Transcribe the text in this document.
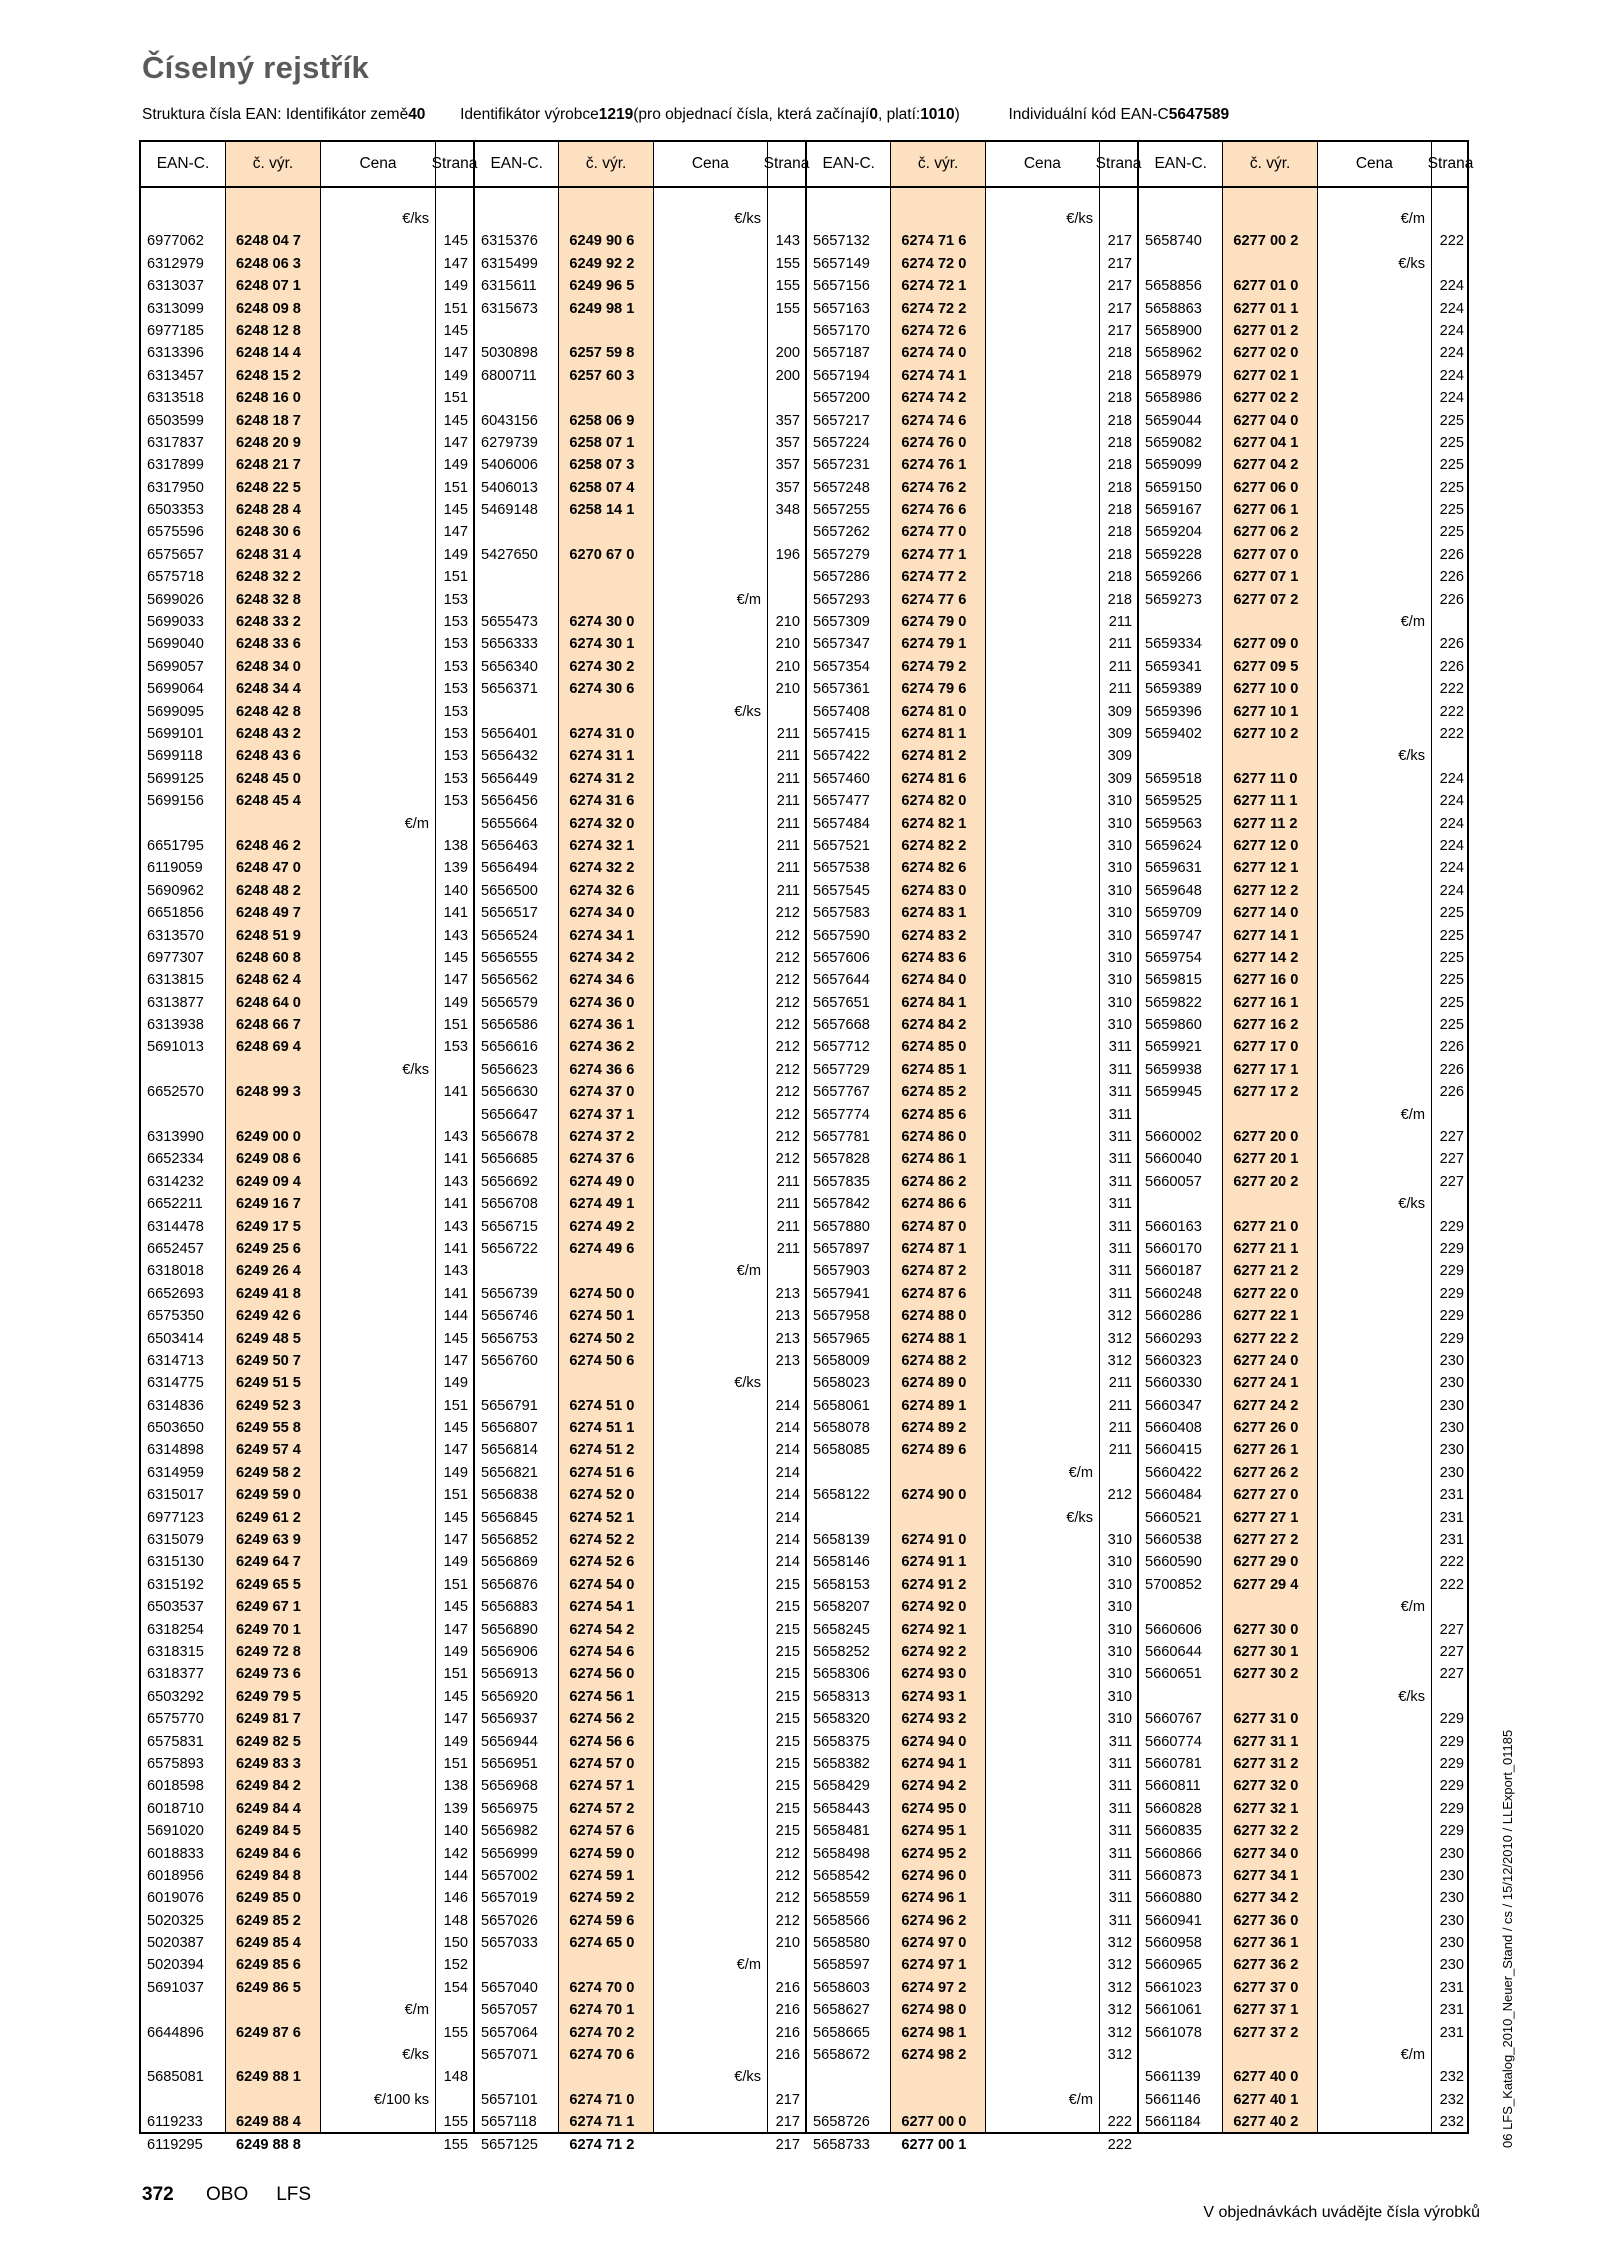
Číselný rejstřík
Struktura čísla EAN: Identifikátor země40 Identifikátor výrobce1219(pro objednací čísla, která začínají0, platí:1010)	Individuální kód EAN-C5647589
EAN-C.
6977062
6312979
6313037
6313099
6977185
6313396
6313457
6313518
6503599
6317837
6317899
6317950
6503353
6575596
6575657
6575718
5699026
5699033
5699040
5699057
5699064
5699095
5699101
5699118
5699125
5699156
6651795
6119059
5690962
6651856
6313570
6977307
6313815
6313877
6313938
5691013
6652570
6313990
6652334
6314232
6652211
6314478
6652457
6318018
6652693
6575350
6503414
6314713
6314775
6314836
6503650
6314898
6314959
6315017
6977123
6315079
6315130
6315192
6503537
6318254
6318315
6318377
6503292
6575770
6575831
6575893
6018598
6018710
5691020
6018833
6018956
6019076
5020325
5020387
5020394
5691037
6644896
5685081
6119233
6119295
č. výr.
6248 04 7
6248 06 3
6248 07 1
6248 09 8
6248 12 8
6248 14 4
6248 15 2
6248 16 0
6248 18 7
6248 20 9
6248 21 7
6248 22 5
6248 28 4
6248 30 6
6248 31 4
6248 32 2
6248 32 8
6248 33 2
6248 33 6
6248 34 0
6248 34 4
6248 42 8
6248 43 2
6248 43 6
6248 45 0
6248 45 4
6248 46 2
6248 47 0
6248 48 2
6248 49 7
6248 51 9
6248 60 8
6248 62 4
6248 64 0
6248 66 7
6248 69 4
6248 99 3
6249 00 0
6249 08 6
6249 09 4
6249 16 7
6249 17 5
6249 25 6
6249 26 4
6249 41 8
6249 42 6
6249 48 5
6249 50 7
6249 51 5
6249 52 3
6249 55 8
6249 57 4
6249 58 2
6249 59 0
6249 61 2
6249 63 9
6249 64 7
6249 65 5
6249 67 1
6249 70 1
6249 72 8
6249 73 6
6249 79 5
6249 81 7
6249 82 5
6249 83 3
6249 84 2
6249 84 4
6249 84 5
6249 84 6
6249 84 8
6249 85 0
6249 85 2
6249 85 4
6249 85 6
6249 86 5
6249 87 6
6249 88 1
6249 88 4
6249 88 8
Cena
€/ks
€/m
€/ks
€/m
€/ks
€/100 ks
Strana
145
147
149
151
145
147
149
151
145
147
149
151
145
147
149
151
153
153
153
153
153
153
153
153
153
153
138
139
140
141
143
145
147
149
151
153
141
143
141
143
141
143
141
143
141
144
145
147
149
151
145
147
149
151
145
147
149
151
145
147
149
151
145
147
149
151
138
139
140
142
144
146
148
150
152
154
155
148
155
155
EAN-C.
6315376
6315499
6315611
6315673
5030898
6800711
6043156
6279739
5406006
5406013
5469148
5427650
5655473
5656333
5656340
5656371
5656401
5656432
5656449
5656456
5655664
5656463
5656494
5656500
5656517
5656524
5656555
5656562
5656579
5656586
5656616
5656623
5656630
5656647
5656678
5656685
5656692
5656708
5656715
5656722
5656739
5656746
5656753
5656760
5656791
5656807
5656814
5656821
5656838
5656845
5656852
5656869
5656876
5656883
5656890
5656906
5656913
5656920
5656937
5656944
5656951
5656968
5656975
5656982
5656999
5657002
5657019
5657026
5657033
5657040
5657057
5657064
5657071
5657101
5657118
5657125
č. výr.
6249 90 6
6249 92 2
6249 96 5
6249 98 1
6257 59 8
6257 60 3
6258 06 9
6258 07 1
6258 07 3
6258 07 4
6258 14 1
6270 67 0
6274 30 0
6274 30 1
6274 30 2
6274 30 6
6274 31 0
6274 31 1
6274 31 2
6274 31 6
6274 32 0
6274 32 1
6274 32 2
6274 32 6
6274 34 0
6274 34 1
6274 34 2
6274 34 6
6274 36 0
6274 36 1
6274 36 2
6274 36 6
6274 37 0
6274 37 1
6274 37 2
6274 37 6
6274 49 0
6274 49 1
6274 49 2
6274 49 6
6274 50 0
6274 50 1
6274 50 2
6274 50 6
6274 51 0
6274 51 1
6274 51 2
6274 51 6
6274 52 0
6274 52 1
6274 52 2
6274 52 6
6274 54 0
6274 54 1
6274 54 2
6274 54 6
6274 56 0
6274 56 1
6274 56 2
6274 56 6
6274 57 0
6274 57 1
6274 57 2
6274 57 6
6274 59 0
6274 59 1
6274 59 2
6274 59 6
6274 65 0
6274 70 0
6274 70 1
6274 70 2
6274 70 6
6274 71 0
6274 71 1
6274 71 2
Cena
€/ks
€/m
€/ks
€/m
€/ks
€/m
€/ks
Strana
143
155
155
155
200
200
357
357
357
357
348
196
210
210
210
210
211
211
211
211
211
211
211
211
212
212
212
212
212
212
212
212
212
212
212
212
211
211
211
211
213
213
213
213
214
214
214
214
214
214
214
214
215
215
215
215
215
215
215
215
215
215
215
215
212
212
212
212
210
216
216
216
216
217
217
217
EAN-C.
5657132
5657149
5657156
5657163
5657170
5657187
5657194
5657200
5657217
5657224
5657231
5657248
5657255
5657262
5657279
5657286
5657293
5657309
5657347
5657354
5657361
5657408
5657415
5657422
5657460
5657477
5657484
5657521
5657538
5657545
5657583
5657590
5657606
5657644
5657651
5657668
5657712
5657729
5657767
5657774
5657781
5657828
5657835
5657842
5657880
5657897
5657903
5657941
5657958
5657965
5658009
5658023
5658061
5658078
5658085
5658122
5658139
5658146
5658153
5658207
5658245
5658252
5658306
5658313
5658320
5658375
5658382
5658429
5658443
5658481
5658498
5658542
5658559
5658566
5658580
5658597
5658603
5658627
5658665
5658672
5658726
5658733
č. výr.
6274 71 6
6274 72 0
6274 72 1
6274 72 2
6274 72 6
6274 74 0
6274 74 1
6274 74 2
6274 74 6
6274 76 0
6274 76 1
6274 76 2
6274 76 6
6274 77 0
6274 77 1
6274 77 2
6274 77 6
6274 79 0
6274 79 1
6274 79 2
6274 79 6
6274 81 0
6274 81 1
6274 81 2
6274 81 6
6274 82 0
6274 82 1
6274 82 2
6274 82 6
6274 83 0
6274 83 1
6274 83 2
6274 83 6
6274 84 0
6274 84 1
6274 84 2
6274 85 0
6274 85 1
6274 85 2
6274 85 6
6274 86 0
6274 86 1
6274 86 2
6274 86 6
6274 87 0
6274 87 1
6274 87 2
6274 87 6
6274 88 0
6274 88 1
6274 88 2
6274 89 0
6274 89 1
6274 89 2
6274 89 6
6274 90 0
6274 91 0
6274 91 1
6274 91 2
6274 92 0
6274 92 1
6274 92 2
6274 93 0
6274 93 1
6274 93 2
6274 94 0
6274 94 1
6274 94 2
6274 95 0
6274 95 1
6274 95 2
6274 96 0
6274 96 1
6274 96 2
6274 97 0
6274 97 1
6274 97 2
6274 98 0
6274 98 1
6274 98 2
6277 00 0
6277 00 1
Cena
€/ks
€/m
€/ks
€/m
Strana
217
217
217
217
217
218
218
218
218
218
218
218
218
218
218
218
218
211
211
211
211
309
309
309
309
310
310
310
310
310
310
310
310
310
310
310
311
311
311
311
311
311
311
311
311
311
311
311
312
312
312
211
211
211
211
212
310
310
310
310
310
310
310
310
310
311
311
311
311
311
311
311
311
311
312
312
312
312
312
312
222
222
EAN-C.
5658740
5658856
5658863
5658900
5658962
5658979
5658986
5659044
5659082
5659099
5659150
5659167
5659204
5659228
5659266
5659273
5659334
5659341
5659389
5659396
5659402
5659518
5659525
5659563
5659624
5659631
5659648
5659709
5659747
5659754
5659815
5659822
5659860
5659921
5659938
5659945
5660002
5660040
5660057
5660163
5660170
5660187
5660248
5660286
5660293
5660323
5660330
5660347
5660408
5660415
5660422
5660484
5660521
5660538
5660590
5700852
5660606
5660644
5660651
5660767
5660774
5660781
5660811
5660828
5660835
5660866
5660873
5660880
5660941
5660958
5660965
5661023
5661061
5661078
5661139
5661146
5661184
č. výr.
6277 00 2
6277 01 0
6277 01 1
6277 01 2
6277 02 0
6277 02 1
6277 02 2
6277 04 0
6277 04 1
6277 04 2
6277 06 0
6277 06 1
6277 06 2
6277 07 0
6277 07 1
6277 07 2
6277 09 0
6277 09 5
6277 10 0
6277 10 1
6277 10 2
6277 11 0
6277 11 1
6277 11 2
6277 12 0
6277 12 1
6277 12 2
6277 14 0
6277 14 1
6277 14 2
6277 16 0
6277 16 1
6277 16 2
6277 17 0
6277 17 1
6277 17 2
6277 20 0
6277 20 1
6277 20 2
6277 21 0
6277 21 1
6277 21 2
6277 22 0
6277 22 1
6277 22 2
6277 24 0
6277 24 1
6277 24 2
6277 26 0
6277 26 1
6277 26 2
6277 27 0
6277 27 1
6277 27 2
6277 29 0
6277 29 4
6277 30 0
6277 30 1
6277 30 2
6277 31 0
6277 31 1
6277 31 2
6277 32 0
6277 32 1
6277 32 2
6277 34 0
6277 34 1
6277 34 2
6277 36 0
6277 36 1
6277 36 2
6277 37 0
6277 37 1
6277 37 2
6277 40 0
6277 40 1
6277 40 2
Cena
€/m
€/ks
€/m
€/ks
€/m
€/ks
€/m
€/ks
€/m
Strana
222
224
224
224
224
224
224
225
225
225
225
225
225
226
226
226
226
226
222
222
222
224
224
224
224
224
224
225
225
225
225
225
225
226
226
226
227
227
227
229
229
229
229
229
229
230
230
230
230
230
230
231
231
231
222
222
227
227
227
229
229
229
229
229
229
230
230
230
230
230
230
231
231
231
232
232
232
372 OBO LFS
V objednávkách uvádějte čísla výrobků
06 LFS_Katalog_2010_Neuer_Stand / cs / 15/12/2010 / LLExport_01185
